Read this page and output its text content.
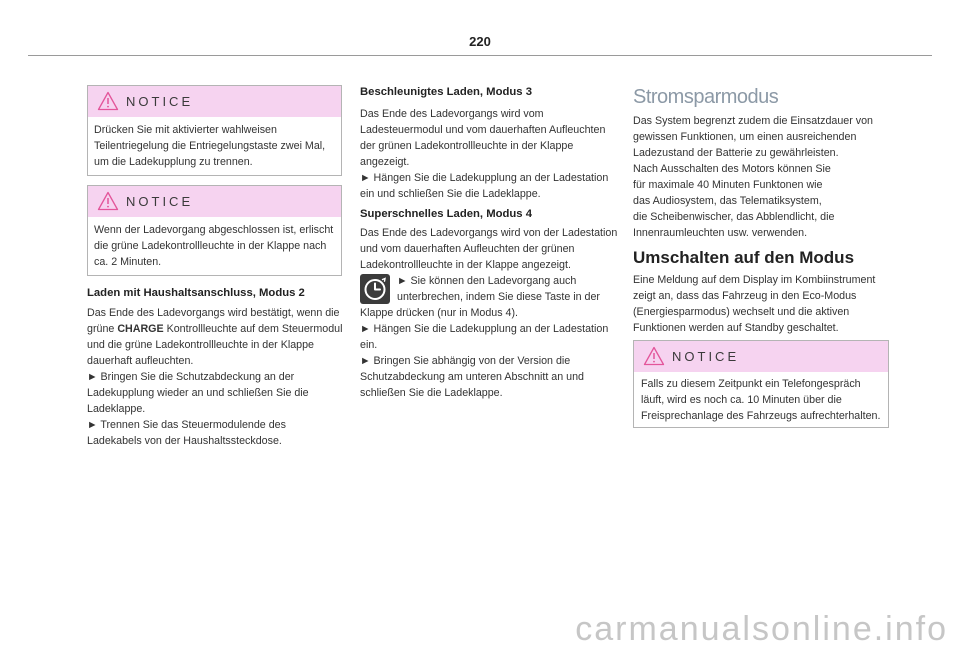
220
NOTICE
Drücken Sie mit aktivierter wahlweisen
Teilentriegelung die Entriegelungstaste zwei Mal,
um die Ladekupplung zu trennen.
NOTICE
Wenn der Ladevorgang abgeschlossen ist, erlischt
die grüne Ladekontrollleuchte in der Klappe nach
ca. 2 Minuten.
Laden mit Haushaltsanschluss, Modus 2
Das Ende des Ladevorgangs wird bestätigt, wenn die
grüne CHARGE Kontrollleuchte auf dem Steuermodul
und die grüne Ladekontrollleuchte in der Klappe
dauerhaft aufleuchten.
► Bringen Sie die Schutzabdeckung an der
Ladekupplung wieder an und schließen Sie die
Ladeklappe.
► Trennen Sie das Steuermodulende des
Ladekabels von der Haushaltssteckdose.
Beschleunigtes Laden, Modus 3
Das Ende des Ladevorgangs wird vom
Ladesteuermodul und vom dauerhaften Aufleuchten
der grünen Ladekontrollleuchte in der Klappe
angezeigt.
► Hängen Sie die Ladekupplung an der Ladestation
ein und schließen Sie die Ladeklappe.
Superschnelles Laden, Modus 4
Das Ende des Ladevorgangs wird von der Ladestation
und vom dauerhaften Aufleuchten der grünen
Ladekontrollleuchte in der Klappe angezeigt.
► Sie können den Ladevorgang auch
unterbrechen, indem Sie diese Taste in der
Klappe drücken (nur in Modus 4).
► Hängen Sie die Ladekupplung an der Ladestation
ein.
► Bringen Sie abhängig von der Version die
Schutzabdeckung am unteren Abschnitt an und
schließen Sie die Ladeklappe.
Stromsparmodus
Das System begrenzt zudem die Einsatzdauer von
gewissen Funktionen, um einen ausreichenden
Ladezustand der Batterie zu gewährleisten.
Nach Ausschalten des Motors können Sie
für maximale 40 Minuten Funktonen wie
das Audiosystem, das Telematiksystem,
die Scheibenwischer, das Abblendlicht, die
Innenraumleuchten usw. verwenden.
Umschalten auf den Modus
Eine Meldung auf dem Display im Kombiinstrument
zeigt an, dass das Fahrzeug in den Eco-Modus
(Energiesparmodus) wechselt und die aktiven
Funktionen werden auf Standby geschaltet.
NOTICE
Falls zu diesem Zeitpunkt ein Telefongespräch
läuft, wird es noch ca. 10 Minuten über die
Freisprechanlage des Fahrzeugs aufrechterhalten.
carmanualsonline.info
